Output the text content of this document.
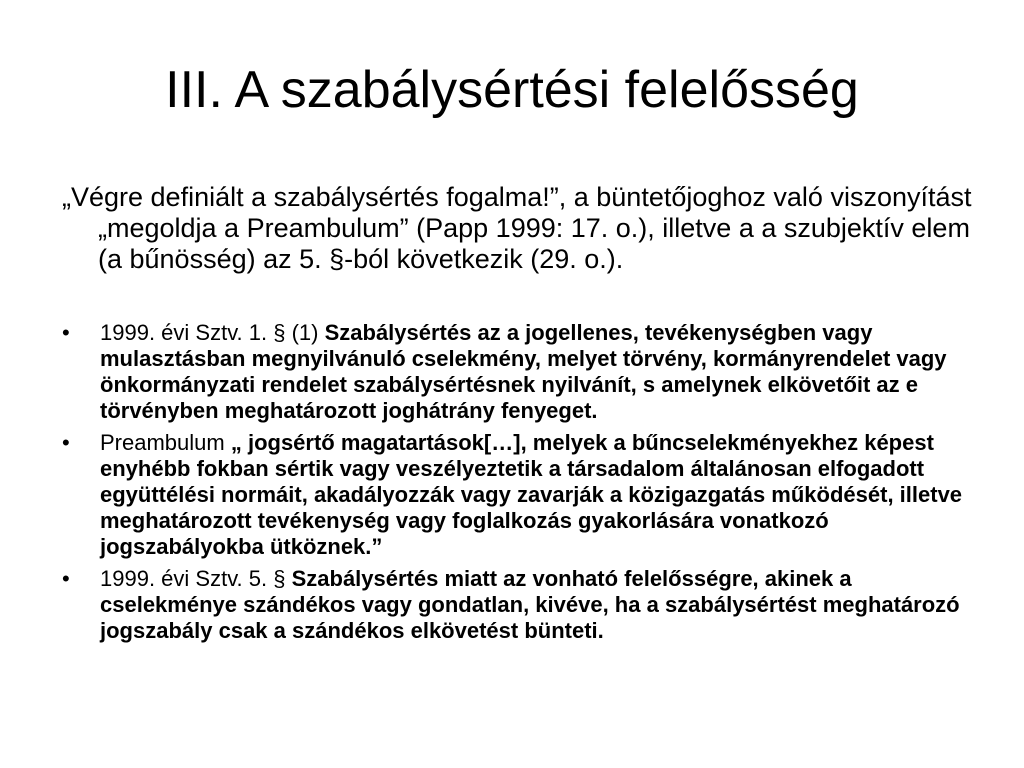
III. A szabálysértési felelősség
„Végre definiált a szabálysértés fogalma!”, a büntetőjoghoz való viszonyítást „megoldja a Preambulum” (Papp 1999: 17. o.), illetve a a szubjektív elem (a bűnösség) az 5. §-ból következik (29. o.).
•	1999. évi Sztv. 1. § (1) Szabálysértés az a jogellenes, tevékenységben vagy mulasztásban megnyilvánuló cselekmény, melyet törvény, kormányrendelet vagy önkormányzati rendelet szabálysértésnek nyilvánít, s amelynek elkövetőit az e törvényben meghatározott joghátrány fenyeget.
•	Preambulum „ jogsértő magatartások[…], melyek a bűncselekményekhez képest enyhébb fokban sértik vagy veszélyeztetik a társadalom általánosan elfogadott együttélési normáit, akadályozzák vagy zavarják a közigazgatás működését, illetve meghatározott tevékenység vagy foglalkozás gyakorlására vonatkozó jogszabályokba ütköznek.”
•	1999. évi Sztv. 5. § Szabálysértés miatt az vonható felelősségre, akinek a cselekménye szándékos vagy gondatlan, kivéve, ha a szabálysértést meghatározó jogszabály csak a szándékos elkövetést bünteti.
